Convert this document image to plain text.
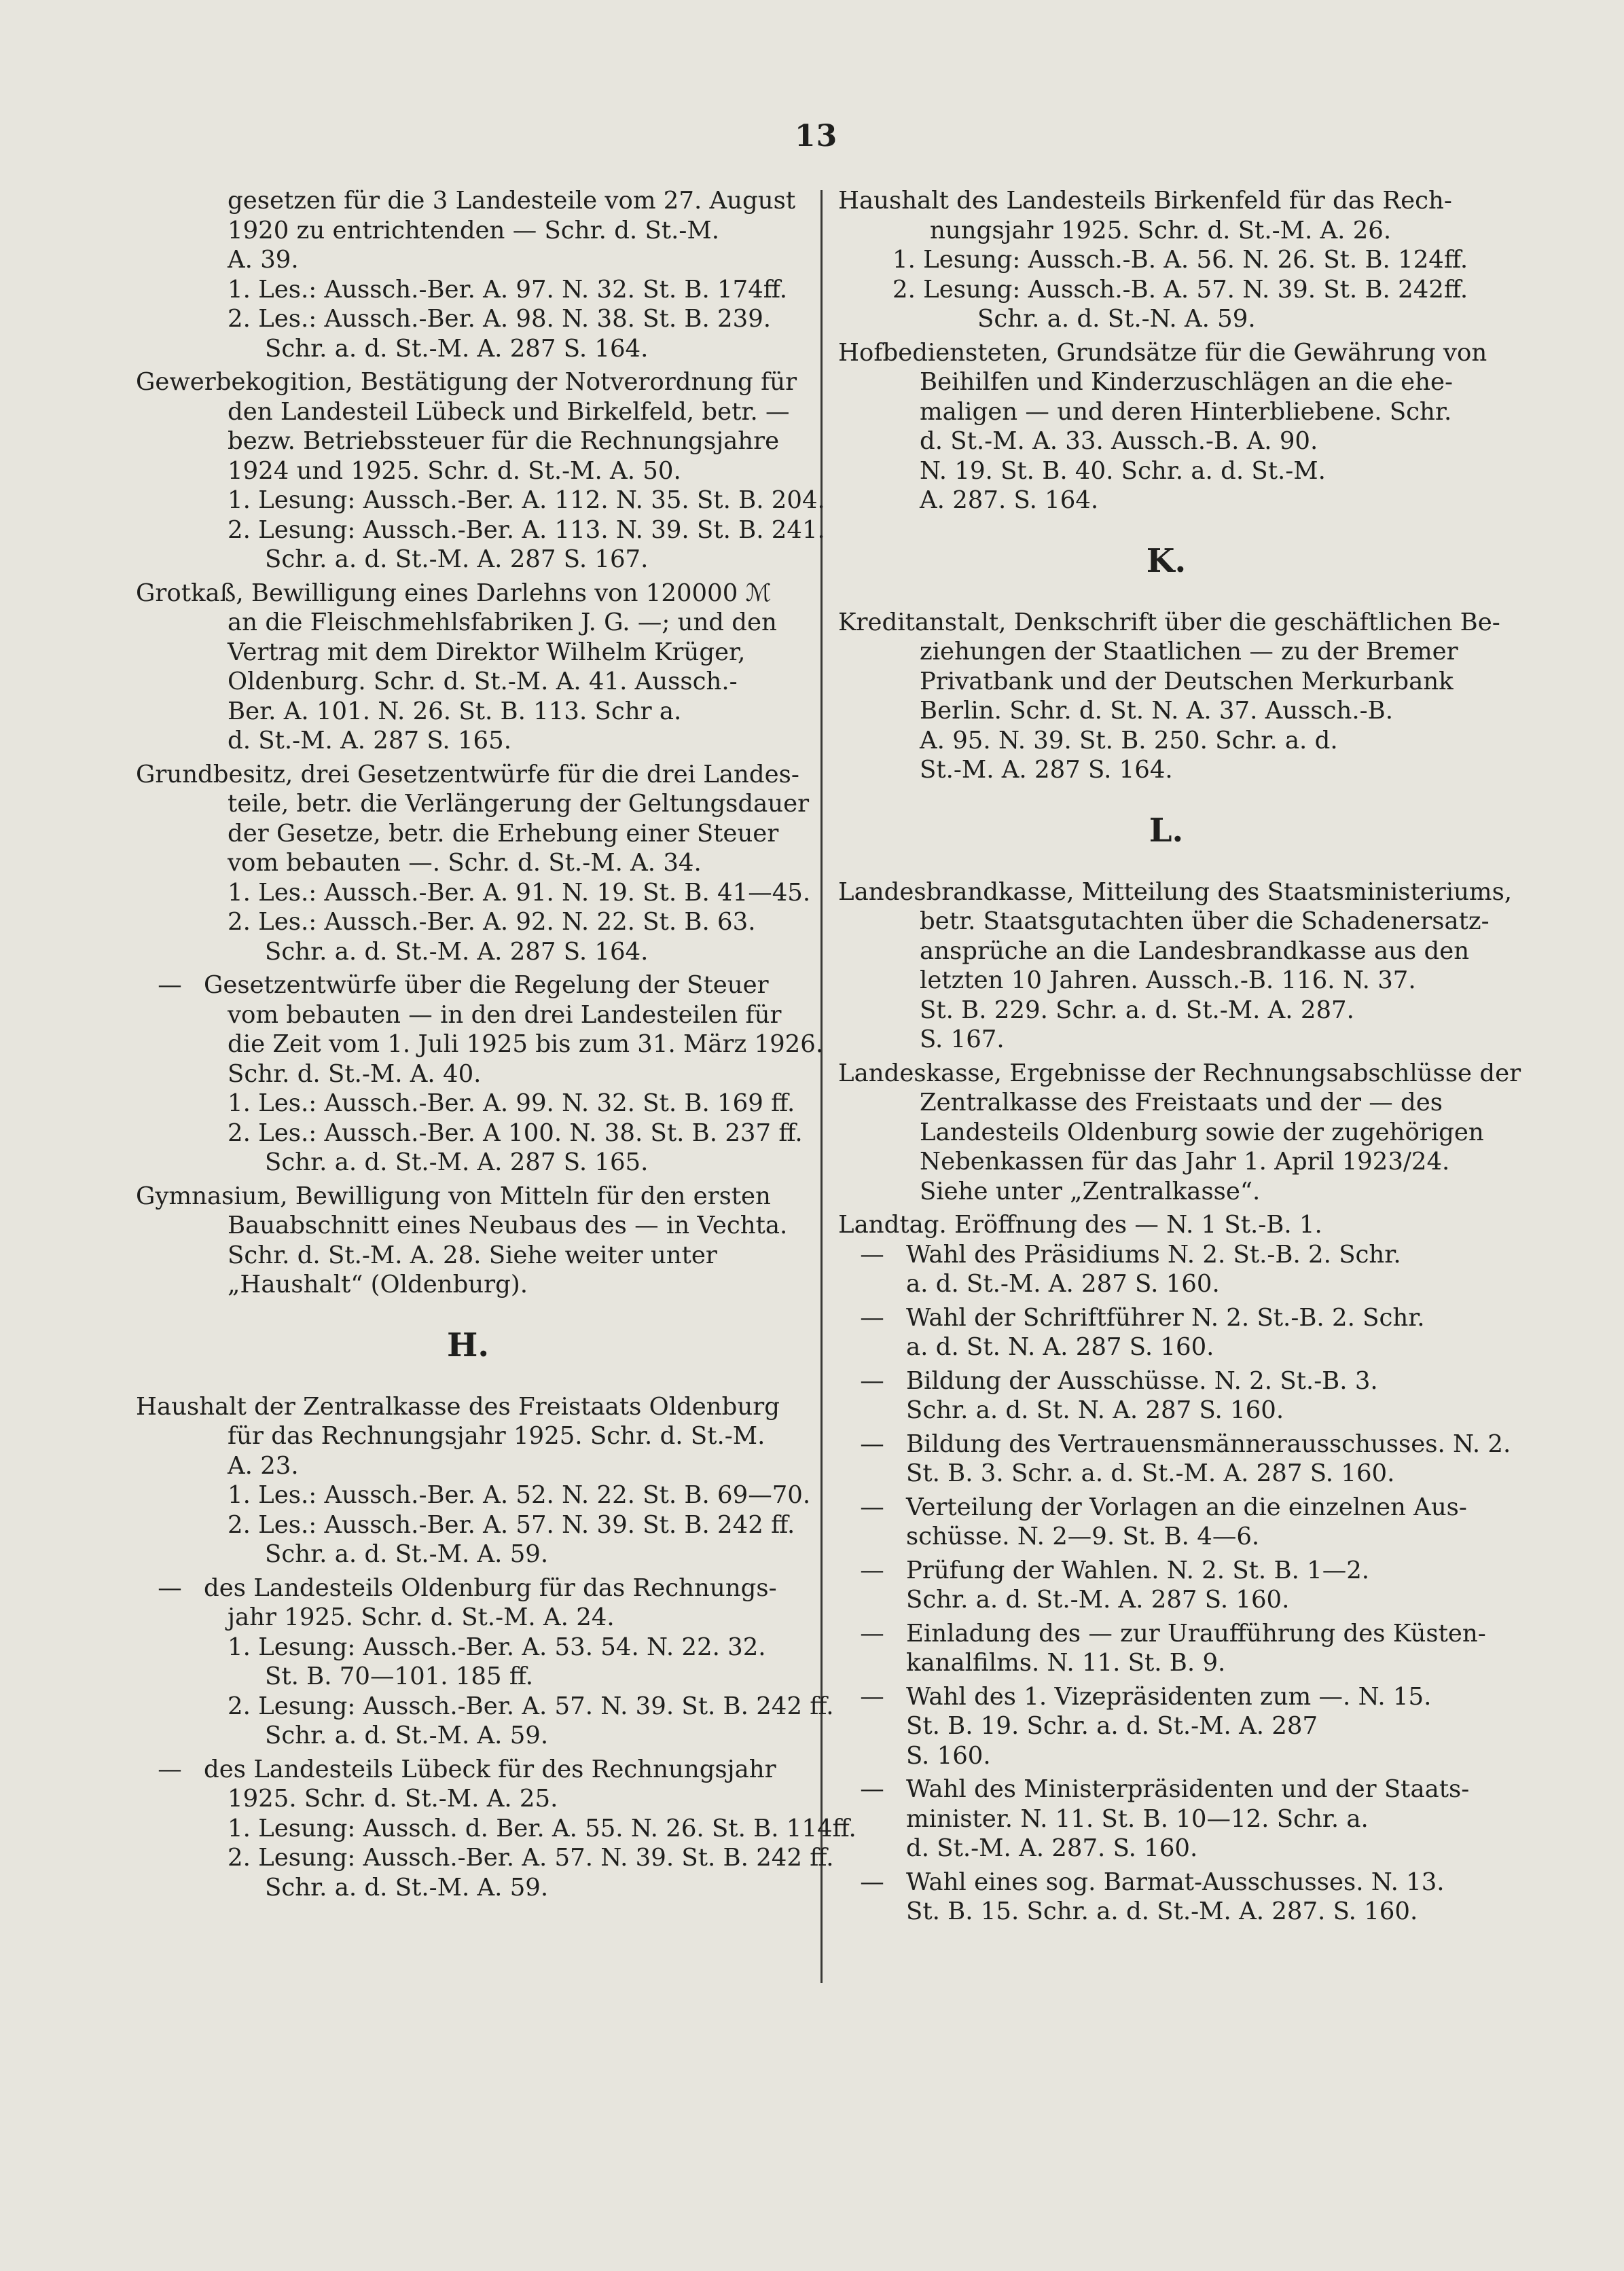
13
gesetzen für die 3 Landesteile vom 27. August
1920 zu entrichtenden — Schr. d. St.-M.
A. 39.
1. Les.: Aussch.-Ber. A. 97. N. 32. St. B. 174ff.
2. Les.: Aussch.-Ber. A. 98. N. 38. St. B. 239.
Schr. a. d. St.-M. A. 287 S. 164.
Gewerbekogition, Bestätigung der Notverordnung für
den Landesteil Lübeck und Birkelfeld, betr. —
bezw. Betriebssteuer für die Rechnungsjahre
1924 und 1925. Schr. d. St.-M. A. 50.
1. Lesung: Aussch.-Ber. A. 112. N. 35. St. B. 204.
2. Lesung: Aussch.-Ber. A. 113. N. 39. St. B. 241.
Schr. a. d. St.-M. A. 287 S. 167.
Grotkaß, Bewilligung eines Darlehns von 120000 ℳ
an die Fleischmehlsfabriken J. G. —; und den
Vertrag mit dem Direktor Wilhelm Krüger,
Oldenburg. Schr. d. St.-M. A. 41. Aussch.-
Ber. A. 101. N. 26. St. B. 113. Schr a.
d. St.-M. A. 287 S. 165.
Grundbesitz, drei Gesetzentwürfe für die drei Landes-
teile, betr. die Verlängerung der Geltungsdauer
der Gesetze, betr. die Erhebung einer Steuer
vom bebauten —. Schr. d. St.-M. A. 34.
1. Les.: Aussch.-Ber. A. 91. N. 19. St. B. 41—45.
2. Les.: Aussch.-Ber. A. 92. N. 22. St. B. 63.
Schr. a. d. St.-M. A. 287 S. 164.
— Gesetzentwürfe über die Regelung der Steuer
vom bebauten — in den drei Landesteilen für
die Zeit vom 1. Juli 1925 bis zum 31. März 1926.
Schr. d. St.-M. A. 40.
1. Les.: Aussch.-Ber. A. 99. N. 32. St. B. 169 ff.
2. Les.: Aussch.-Ber. A 100. N. 38. St. B. 237 ff.
Schr. a. d. St.-M. A. 287 S. 165.
Gymnasium, Bewilligung von Mitteln für den ersten
Bauabschnitt eines Neubaus des — in Vechta.
Schr. d. St.-M. A. 28. Siehe weiter unter
„Haushalt“ (Oldenburg).
H.
Haushalt der Zentralkasse des Freistaats Oldenburg
für das Rechnungsjahr 1925. Schr. d. St.-M.
A. 23.
1. Les.: Aussch.-Ber. A. 52. N. 22. St. B. 69—70.
2. Les.: Aussch.-Ber. A. 57. N. 39. St. B. 242 ff.
Schr. a. d. St.-M. A. 59.
— des Landesteils Oldenburg für das Rechnungs-
jahr 1925. Schr. d. St.-M. A. 24.
1. Lesung: Aussch.-Ber. A. 53. 54. N. 22. 32.
St. B. 70—101. 185 ff.
2. Lesung: Aussch.-Ber. A. 57. N. 39. St. B. 242 ff.
Schr. a. d. St.-M. A. 59.
— des Landesteils Lübeck für des Rechnungsjahr
1925. Schr. d. St.-M. A. 25.
1. Lesung: Aussch. d. Ber. A. 55. N. 26. St. B. 114ff.
2. Lesung: Aussch.-Ber. A. 57. N. 39. St. B. 242 ff.
Schr. a. d. St.-M. A. 59.
Haushalt des Landesteils Birkenfeld für das Rech-
nungsjahr 1925. Schr. d. St.-M. A. 26.
1. Lesung: Aussch.-B. A. 56. N. 26. St. B. 124ff.
2. Lesung: Aussch.-B. A. 57. N. 39. St. B. 242ff.
Schr. a. d. St.-N. A. 59.
Hofbediensteten, Grundsätze für die Gewährung von
Beihilfen und Kinderzuschlägen an die ehe-
maligen — und deren Hinterbliebene. Schr.
d. St.-M. A. 33. Aussch.-B. A. 90.
N. 19. St. B. 40. Schr. a. d. St.-M.
A. 287. S. 164.
K.
Kreditanstalt, Denkschrift über die geschäftlichen Be-
ziehungen der Staatlichen — zu der Bremer
Privatbank und der Deutschen Merkurbank
Berlin. Schr. d. St. N. A. 37. Aussch.-B.
A. 95. N. 39. St. B. 250. Schr. a. d.
St.-M. A. 287 S. 164.
L.
Landesbrandkasse, Mitteilung des Staatsministeriums,
betr. Staatsgutachten über die Schadenersatz-
ansprüche an die Landesbrandkasse aus den
letzten 10 Jahren. Aussch.-B. 116. N. 37.
St. B. 229. Schr. a. d. St.-M. A. 287.
S. 167.
Landeskasse, Ergebnisse der Rechnungsabschlüsse der
Zentralkasse des Freistaats und der — des
Landesteils Oldenburg sowie der zugehörigen
Nebenkassen für das Jahr 1. April 1923/24.
Siehe unter „Zentralkasse“.
Landtag. Eröffnung des — N. 1 St.-B. 1.
— Wahl des Präsidiums N. 2. St.-B. 2. Schr.
a. d. St.-M. A. 287 S. 160.
— Wahl der Schriftführer N. 2. St.-B. 2. Schr.
a. d. St. N. A. 287 S. 160.
— Bildung der Ausschüsse. N. 2. St.-B. 3.
Schr. a. d. St. N. A. 287 S. 160.
— Bildung des Vertrauensmännerausschusses. N. 2.
St. B. 3. Schr. a. d. St.-M. A. 287 S. 160.
— Verteilung der Vorlagen an die einzelnen Aus-
schüsse. N. 2—9. St. B. 4—6.
— Prüfung der Wahlen. N. 2. St. B. 1—2.
Schr. a. d. St.-M. A. 287 S. 160.
— Einladung des — zur Uraufführung des Küsten-
kanalfilms. N. 11. St. B. 9.
— Wahl des 1. Vizepräsidenten zum —. N. 15.
St. B. 19. Schr. a. d. St.-M. A. 287
S. 160.
— Wahl des Ministerpräsidenten und der Staats-
minister. N. 11. St. B. 10—12. Schr. a.
d. St.-M. A. 287. S. 160.
— Wahl eines sog. Barmat-Ausschusses. N. 13.
St. B. 15. Schr. a. d. St.-M. A. 287. S. 160.
